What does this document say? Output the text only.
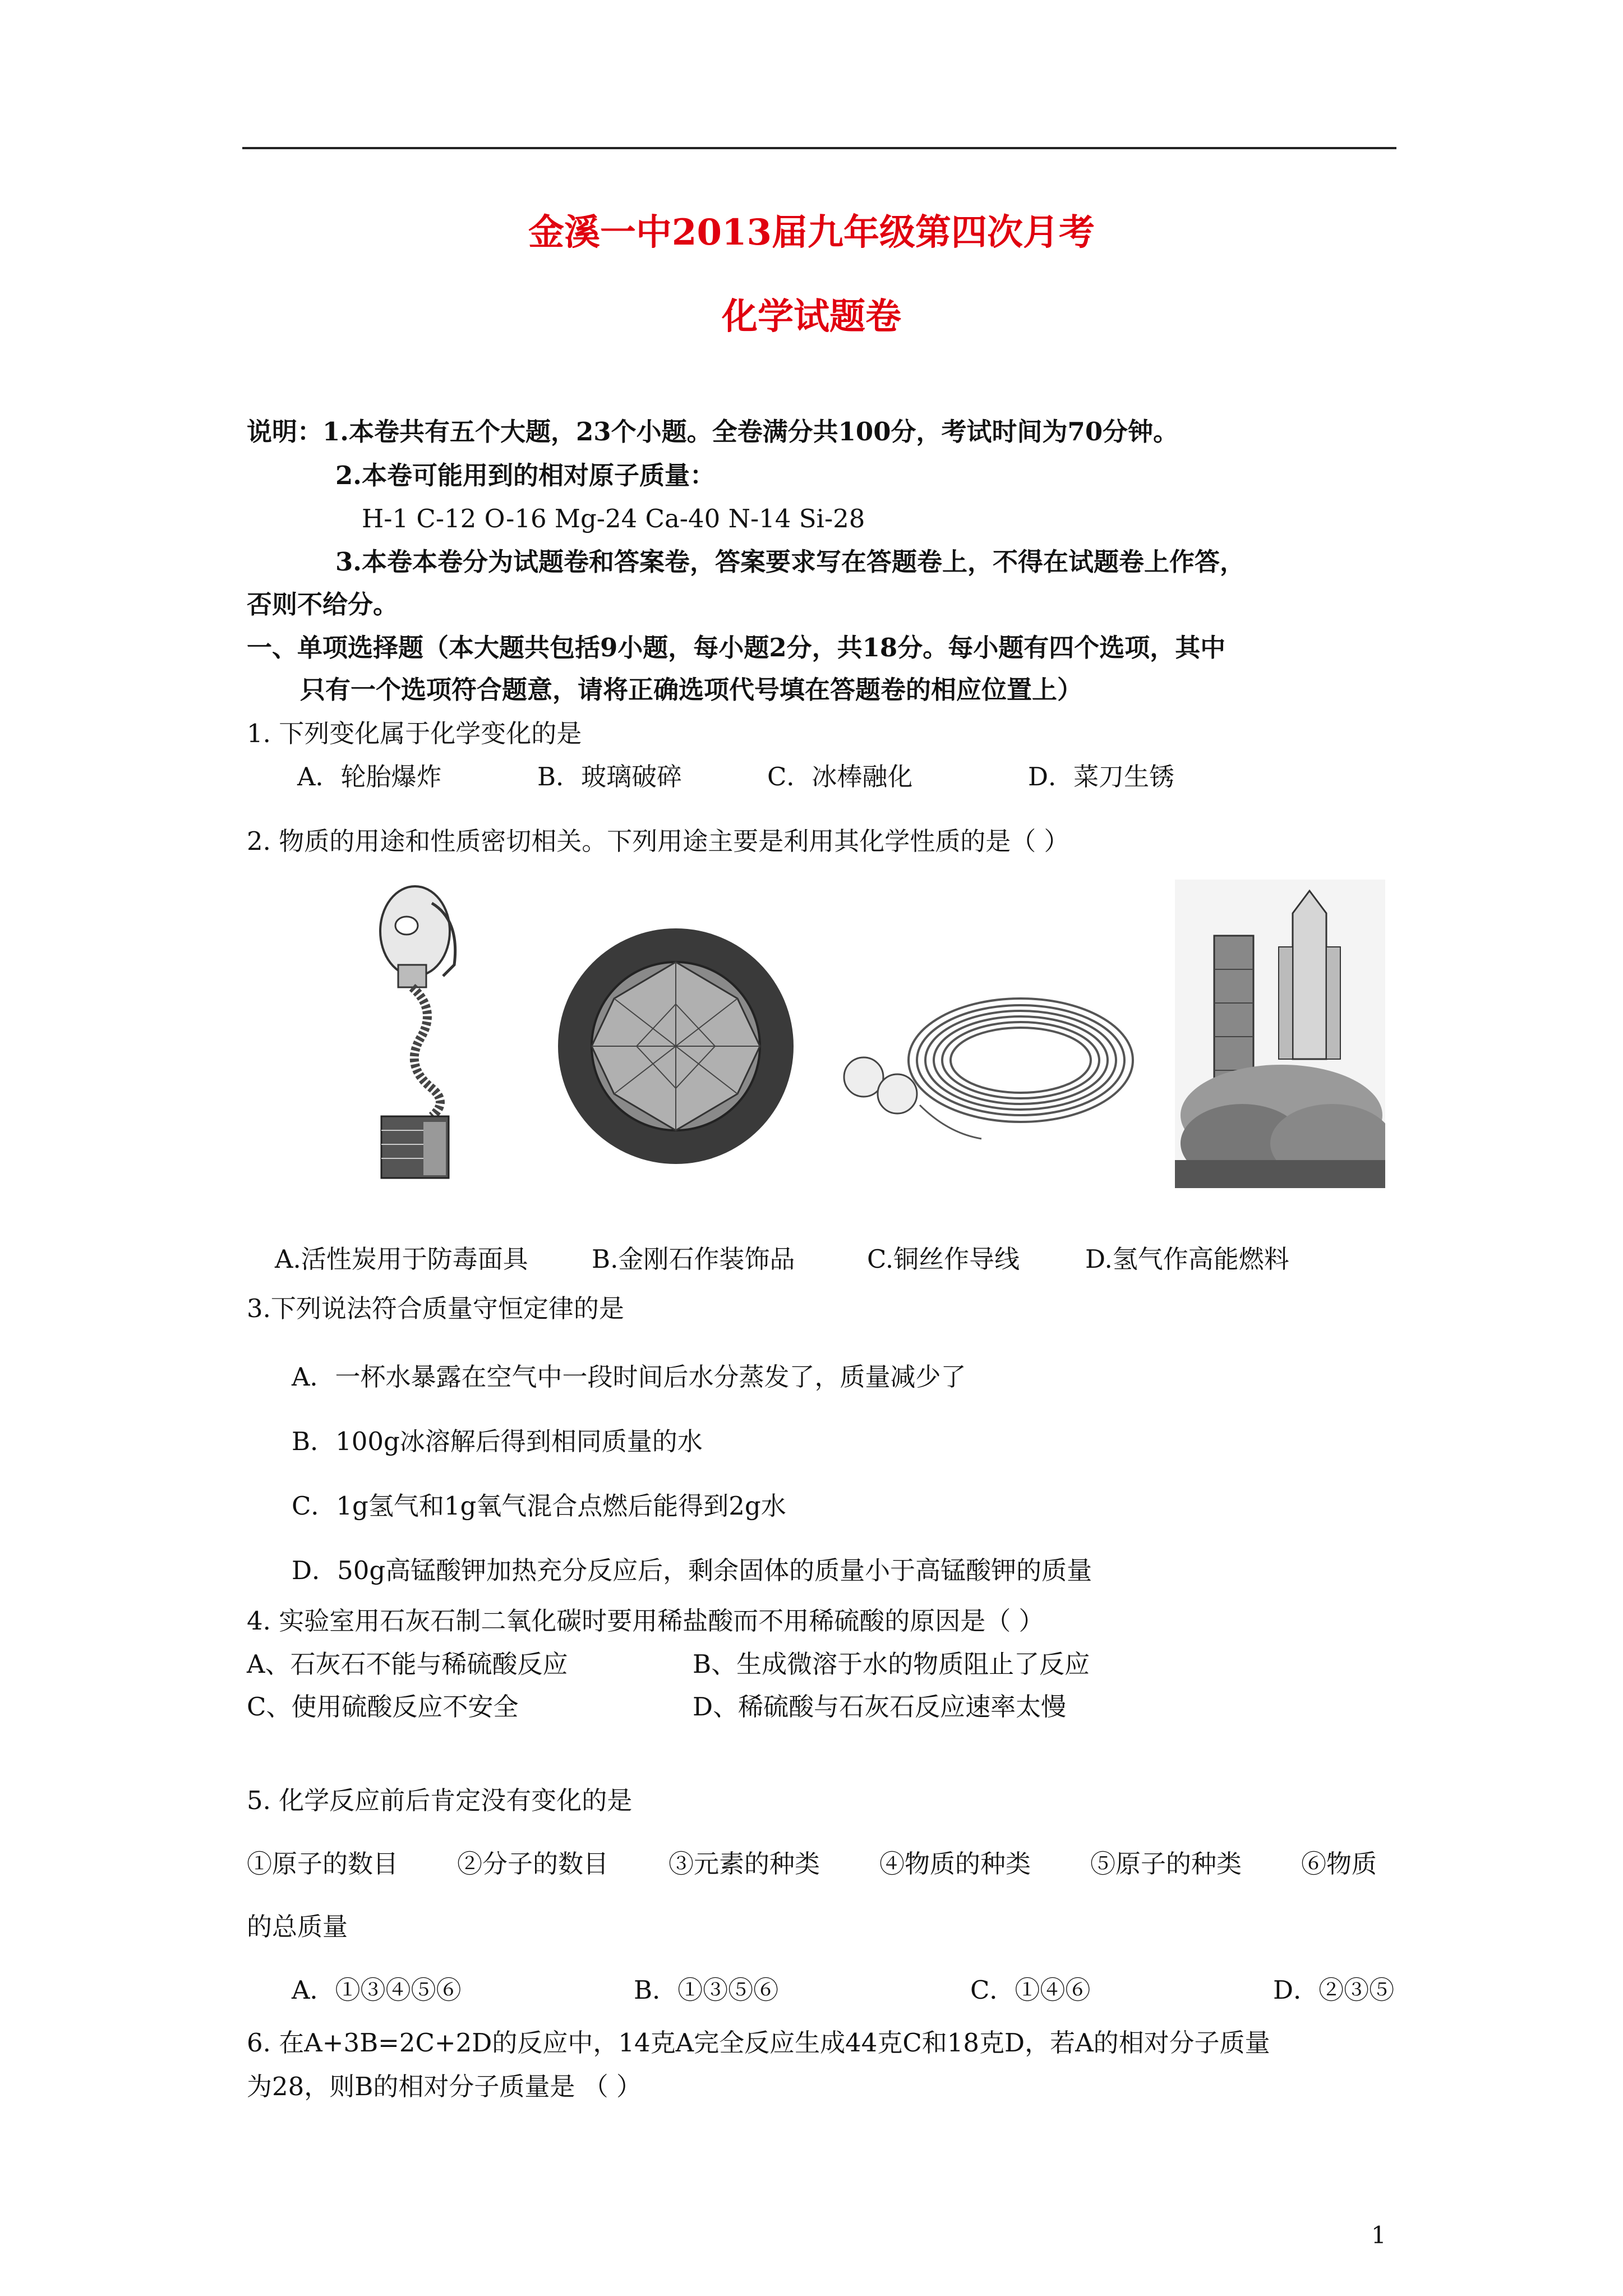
金溪一中2013届九年级第四次月考
化学试题卷
说明：1.本卷共有五个大题，23个小题。全卷满分共100分，考试时间为70分钟。
2.本卷可能用到的相对原子质量：
H-1 C-12 O-16 Mg-24 Ca-40 N-14 Si-28
3.本卷本卷分为试题卷和答案卷，答案要求写在答题卷上，不得在试题卷上作答，
否则不给分。
一、单项选择题（本大题共包括9小题，每小题2分，共18分。每小题有四个选项，其中
只有一个选项符合题意，请将正确选项代号填在答题卷的相应位置上）
1. 下列变化属于化学变化的是
A．轮胎爆炸	B．玻璃破碎	C．冰棒融化	D．菜刀生锈
2. 物质的用途和性质密切相关。下列用途主要是利用其化学性质的是（ ）
A.活性炭用于防毒面具	B.金刚石作装饰品	C.铜丝作导线	D.氢气作高能燃料
3.下列说法符合质量守恒定律的是
A．一杯水暴露在空气中一段时间后水分蒸发了，质量减少了
B．100g冰溶解后得到相同质量的水
C．1g氢气和1g氧气混合点燃后能得到2g水
D．50g高锰酸钾加热充分反应后，剩余固体的质量小于高锰酸钾的质量
4. 实验室用石灰石制二氧化碳时要用稀盐酸而不用稀硫酸的原因是（ ）
A、石灰石不能与稀硫酸反应	B、生成微溶于水的物质阻止了反应
C、使用硫酸反应不安全	D、稀硫酸与石灰石反应速率太慢
5. 化学反应前后肯定没有变化的是
①原子的数目 ②分子的数目 ③元素的种类 ④物质的种类 ⑤原子的种类 ⑥物质
的总质量
A．①③④⑤⑥	B．①③⑤⑥	C．①④⑥	D．②③⑤
6. 在A+3B=2C+2D的反应中，14克A完全反应生成44克C和18克D，若A的相对分子质量
为28，则B的相对分子质量是 （ ）
1
